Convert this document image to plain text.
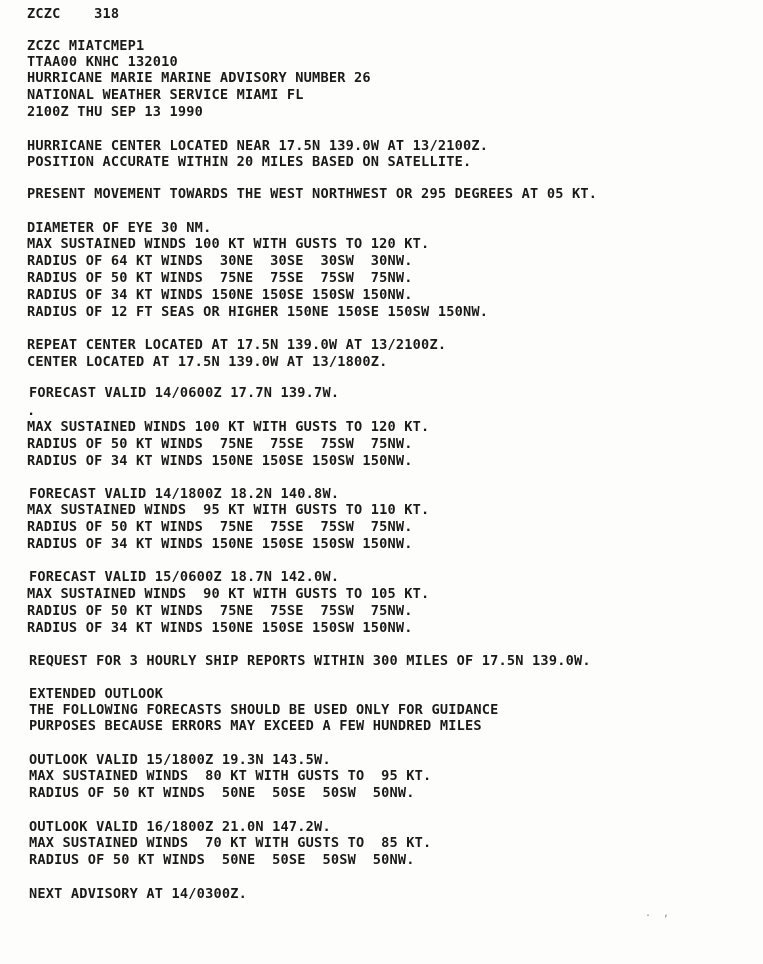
ZCZC    318
ZCZC MIATCMEP1
TTAA00 KNHC 132010
HURRICANE MARIE MARINE ADVISORY NUMBER 26
NATIONAL WEATHER SERVICE MIAMI FL
2100Z THU SEP 13 1990
HURRICANE CENTER LOCATED NEAR 17.5N 139.0W AT 13/2100Z.
POSITION ACCURATE WITHIN 20 MILES BASED ON SATELLITE.
PRESENT MOVEMENT TOWARDS THE WEST NORTHWEST OR 295 DEGREES AT 05 KT.
DIAMETER OF EYE 30 NM.
MAX SUSTAINED WINDS 100 KT WITH GUSTS TO 120 KT.
RADIUS OF 64 KT WINDS  30NE  30SE  30SW  30NW.
RADIUS OF 50 KT WINDS  75NE  75SE  75SW  75NW.
RADIUS OF 34 KT WINDS 150NE 150SE 150SW 150NW.
RADIUS OF 12 FT SEAS OR HIGHER 150NE 150SE 150SW 150NW.
REPEAT CENTER LOCATED AT 17.5N 139.0W AT 13/2100Z.
CENTER LOCATED AT 17.5N 139.0W AT 13/1800Z.
FORECAST VALID 14/0600Z 17.7N 139.7W.
.
MAX SUSTAINED WINDS 100 KT WITH GUSTS TO 120 KT.
RADIUS OF 50 KT WINDS  75NE  75SE  75SW  75NW.
RADIUS OF 34 KT WINDS 150NE 150SE 150SW 150NW.
FORECAST VALID 14/1800Z 18.2N 140.8W.
MAX SUSTAINED WINDS  95 KT WITH GUSTS TO 110 KT.
RADIUS OF 50 KT WINDS  75NE  75SE  75SW  75NW.
RADIUS OF 34 KT WINDS 150NE 150SE 150SW 150NW.
FORECAST VALID 15/0600Z 18.7N 142.0W.
MAX SUSTAINED WINDS  90 KT WITH GUSTS TO 105 KT.
RADIUS OF 50 KT WINDS  75NE  75SE  75SW  75NW.
RADIUS OF 34 KT WINDS 150NE 150SE 150SW 150NW.
REQUEST FOR 3 HOURLY SHIP REPORTS WITHIN 300 MILES OF 17.5N 139.0W.
EXTENDED OUTLOOK
THE FOLLOWING FORECASTS SHOULD BE USED ONLY FOR GUIDANCE
PURPOSES BECAUSE ERRORS MAY EXCEED A FEW HUNDRED MILES
OUTLOOK VALID 15/1800Z 19.3N 143.5W.
MAX SUSTAINED WINDS  80 KT WITH GUSTS TO  95 KT.
RADIUS OF 50 KT WINDS  50NE  50SE  50SW  50NW.
OUTLOOK VALID 16/1800Z 21.0N 147.2W.
MAX SUSTAINED WINDS  70 KT WITH GUSTS TO  85 KT.
RADIUS OF 50 KT WINDS  50NE  50SE  50SW  50NW.
NEXT ADVISORY AT 14/0300Z.
.  ,
